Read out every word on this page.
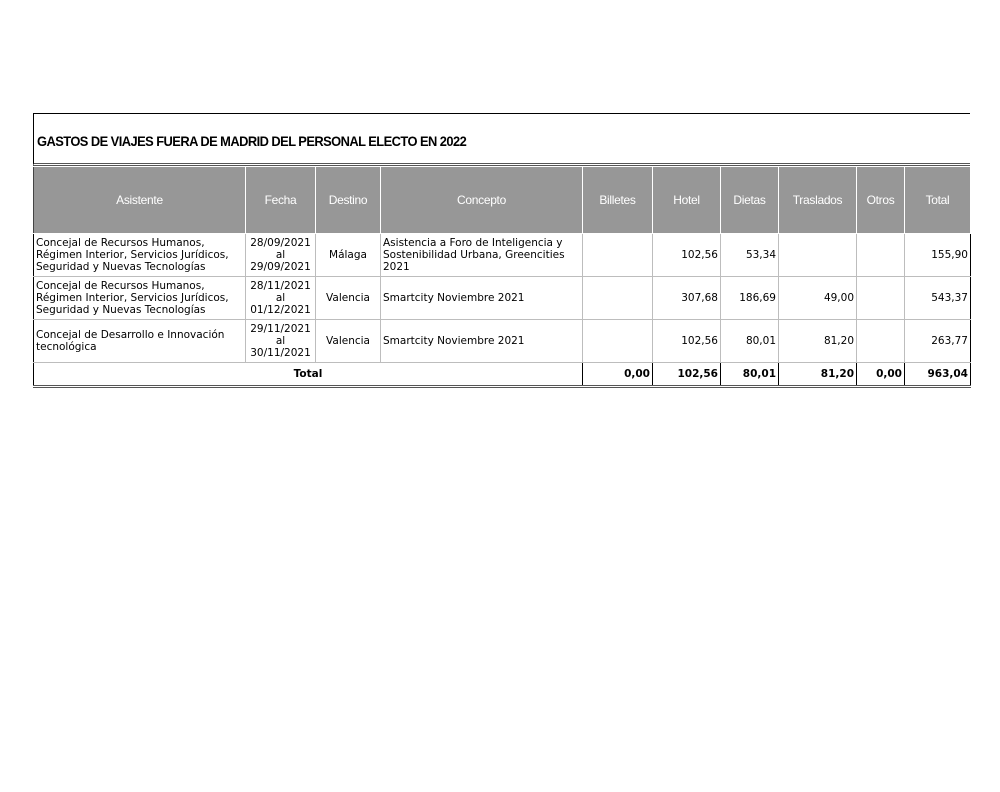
GASTOS DE VIAJES FUERA DE MADRID DEL PERSONAL ELECTO EN 2022
Asistente	Fecha	Destino	Concepto	Billetes	Hotel	Dietas	Traslados	Otros	Total
Concejal de Recursos Humanos, Régimen Interior, Servicios Jurídicos, Seguridad y Nuevas Tecnologías	28/09/2021
al
29/09/2021	Málaga	Asistencia a Foro de Inteligencia y Sostenibilidad Urbana, Greencities 2021		102,56	53,34			155,90
Concejal de Recursos Humanos, Régimen Interior, Servicios Jurídicos, Seguridad y Nuevas Tecnologías	28/11/2021
al
01/12/2021	Valencia	Smartcity Noviembre 2021		307,68	186,69	49,00		543,37
Concejal de Desarrollo e Innovación tecnológica	29/11/2021
al
30/11/2021	Valencia	Smartcity Noviembre 2021		102,56	80,01	81,20		263,77
Total				0,00	102,56	80,01	81,20	0,00	963,04
